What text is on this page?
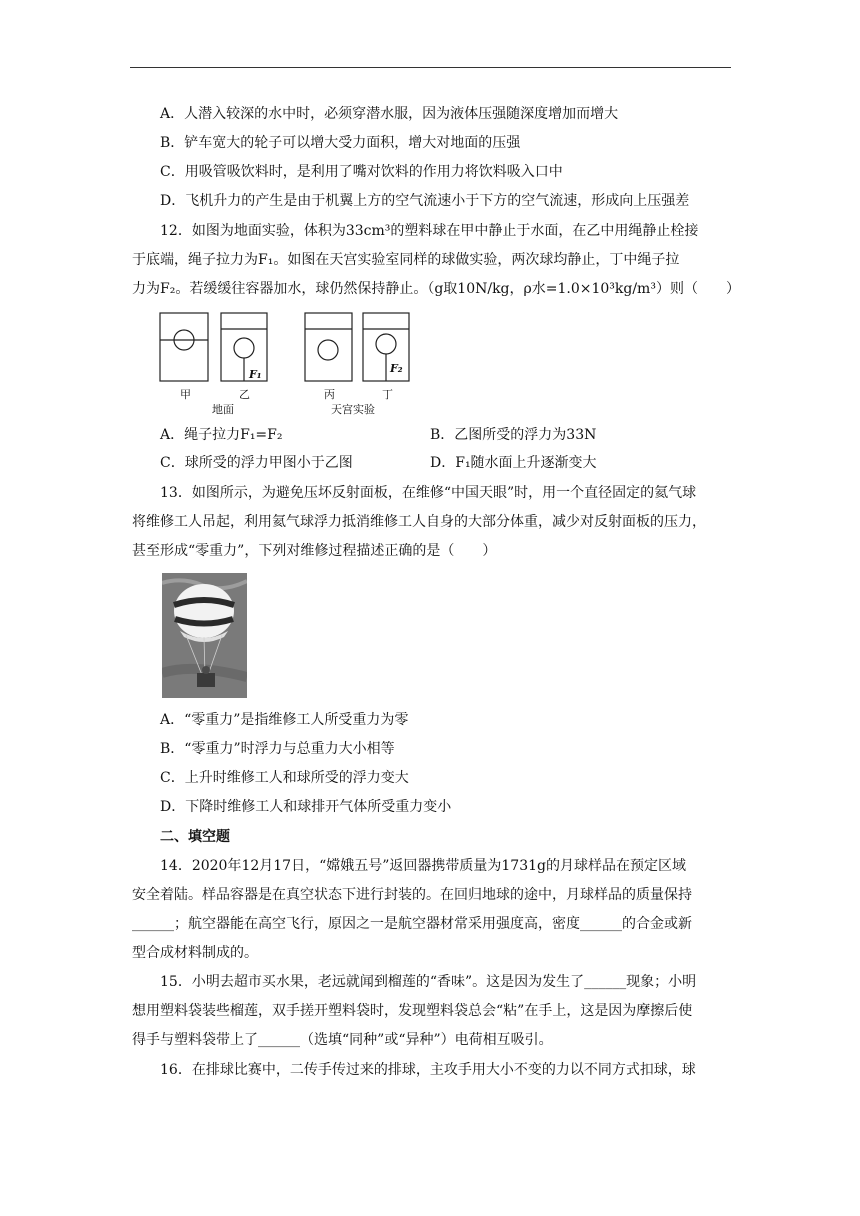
A．人潜入较深的水中时，必须穿潜水服，因为液体压强随深度增加而增大
B．铲车宽大的轮子可以增大受力面积，增大对地面的压强
C．用吸管吸饮料时，是利用了嘴对饮料的作用力将饮料吸入口中
D．飞机升力的产生是由于机翼上方的空气流速小于下方的空气流速，形成向上压强差
12．如图为地面实验，体积为33cm³的塑料球在甲中静止于水面，在乙中用绳静止栓接
于底端，绳子拉力为F₁。如图在天宫实验室同样的球做实验，两次球均静止，丁中绳子拉
力为F₂。若缓缓往容器加水，球仍然保持静止。（g取10N/kg，ρ水=1.0×10³kg/m³）则（　　）
F₁	F₂
甲	乙	丙	丁
地面	天宫实验
A．绳子拉力F₁=F₂	B．乙图所受的浮力为33N
C．球所受的浮力甲图小于乙图	D．F₁随水面上升逐渐变大
13．如图所示，为避免压坏反射面板，在维修“中国天眼”时，用一个直径固定的氦气球
将维修工人吊起，利用氦气球浮力抵消维修工人自身的大部分体重，减少对反射面板的压力，
甚至形成“零重力”，下列对维修过程描述正确的是（　　）
A．“零重力”是指维修工人所受重力为零
B．“零重力”时浮力与总重力大小相等
C．上升时维修工人和球所受的浮力变大
D．下降时维修工人和球排开气体所受重力变小
二、填空题
14．2020年12月17日，“嫦娥五号”返回器携带质量为1731g的月球样品在预定区域
安全着陆。样品容器是在真空状态下进行封装的。在回归地球的途中，月球样品的质量保持
______；航空器能在高空飞行，原因之一是航空器材常采用强度高，密度______的合金或新
型合成材料制成的。
15．小明去超市买水果，老远就闻到榴莲的“香味”。这是因为发生了______现象；小明
想用塑料袋装些榴莲，双手搓开塑料袋时，发现塑料袋总会“粘”在手上，这是因为摩擦后使
得手与塑料袋带上了______（选填“同种”或“异种”）电荷相互吸引。
16．在排球比赛中，二传手传过来的排球，主攻手用大小不变的力以不同方式扣球，球
